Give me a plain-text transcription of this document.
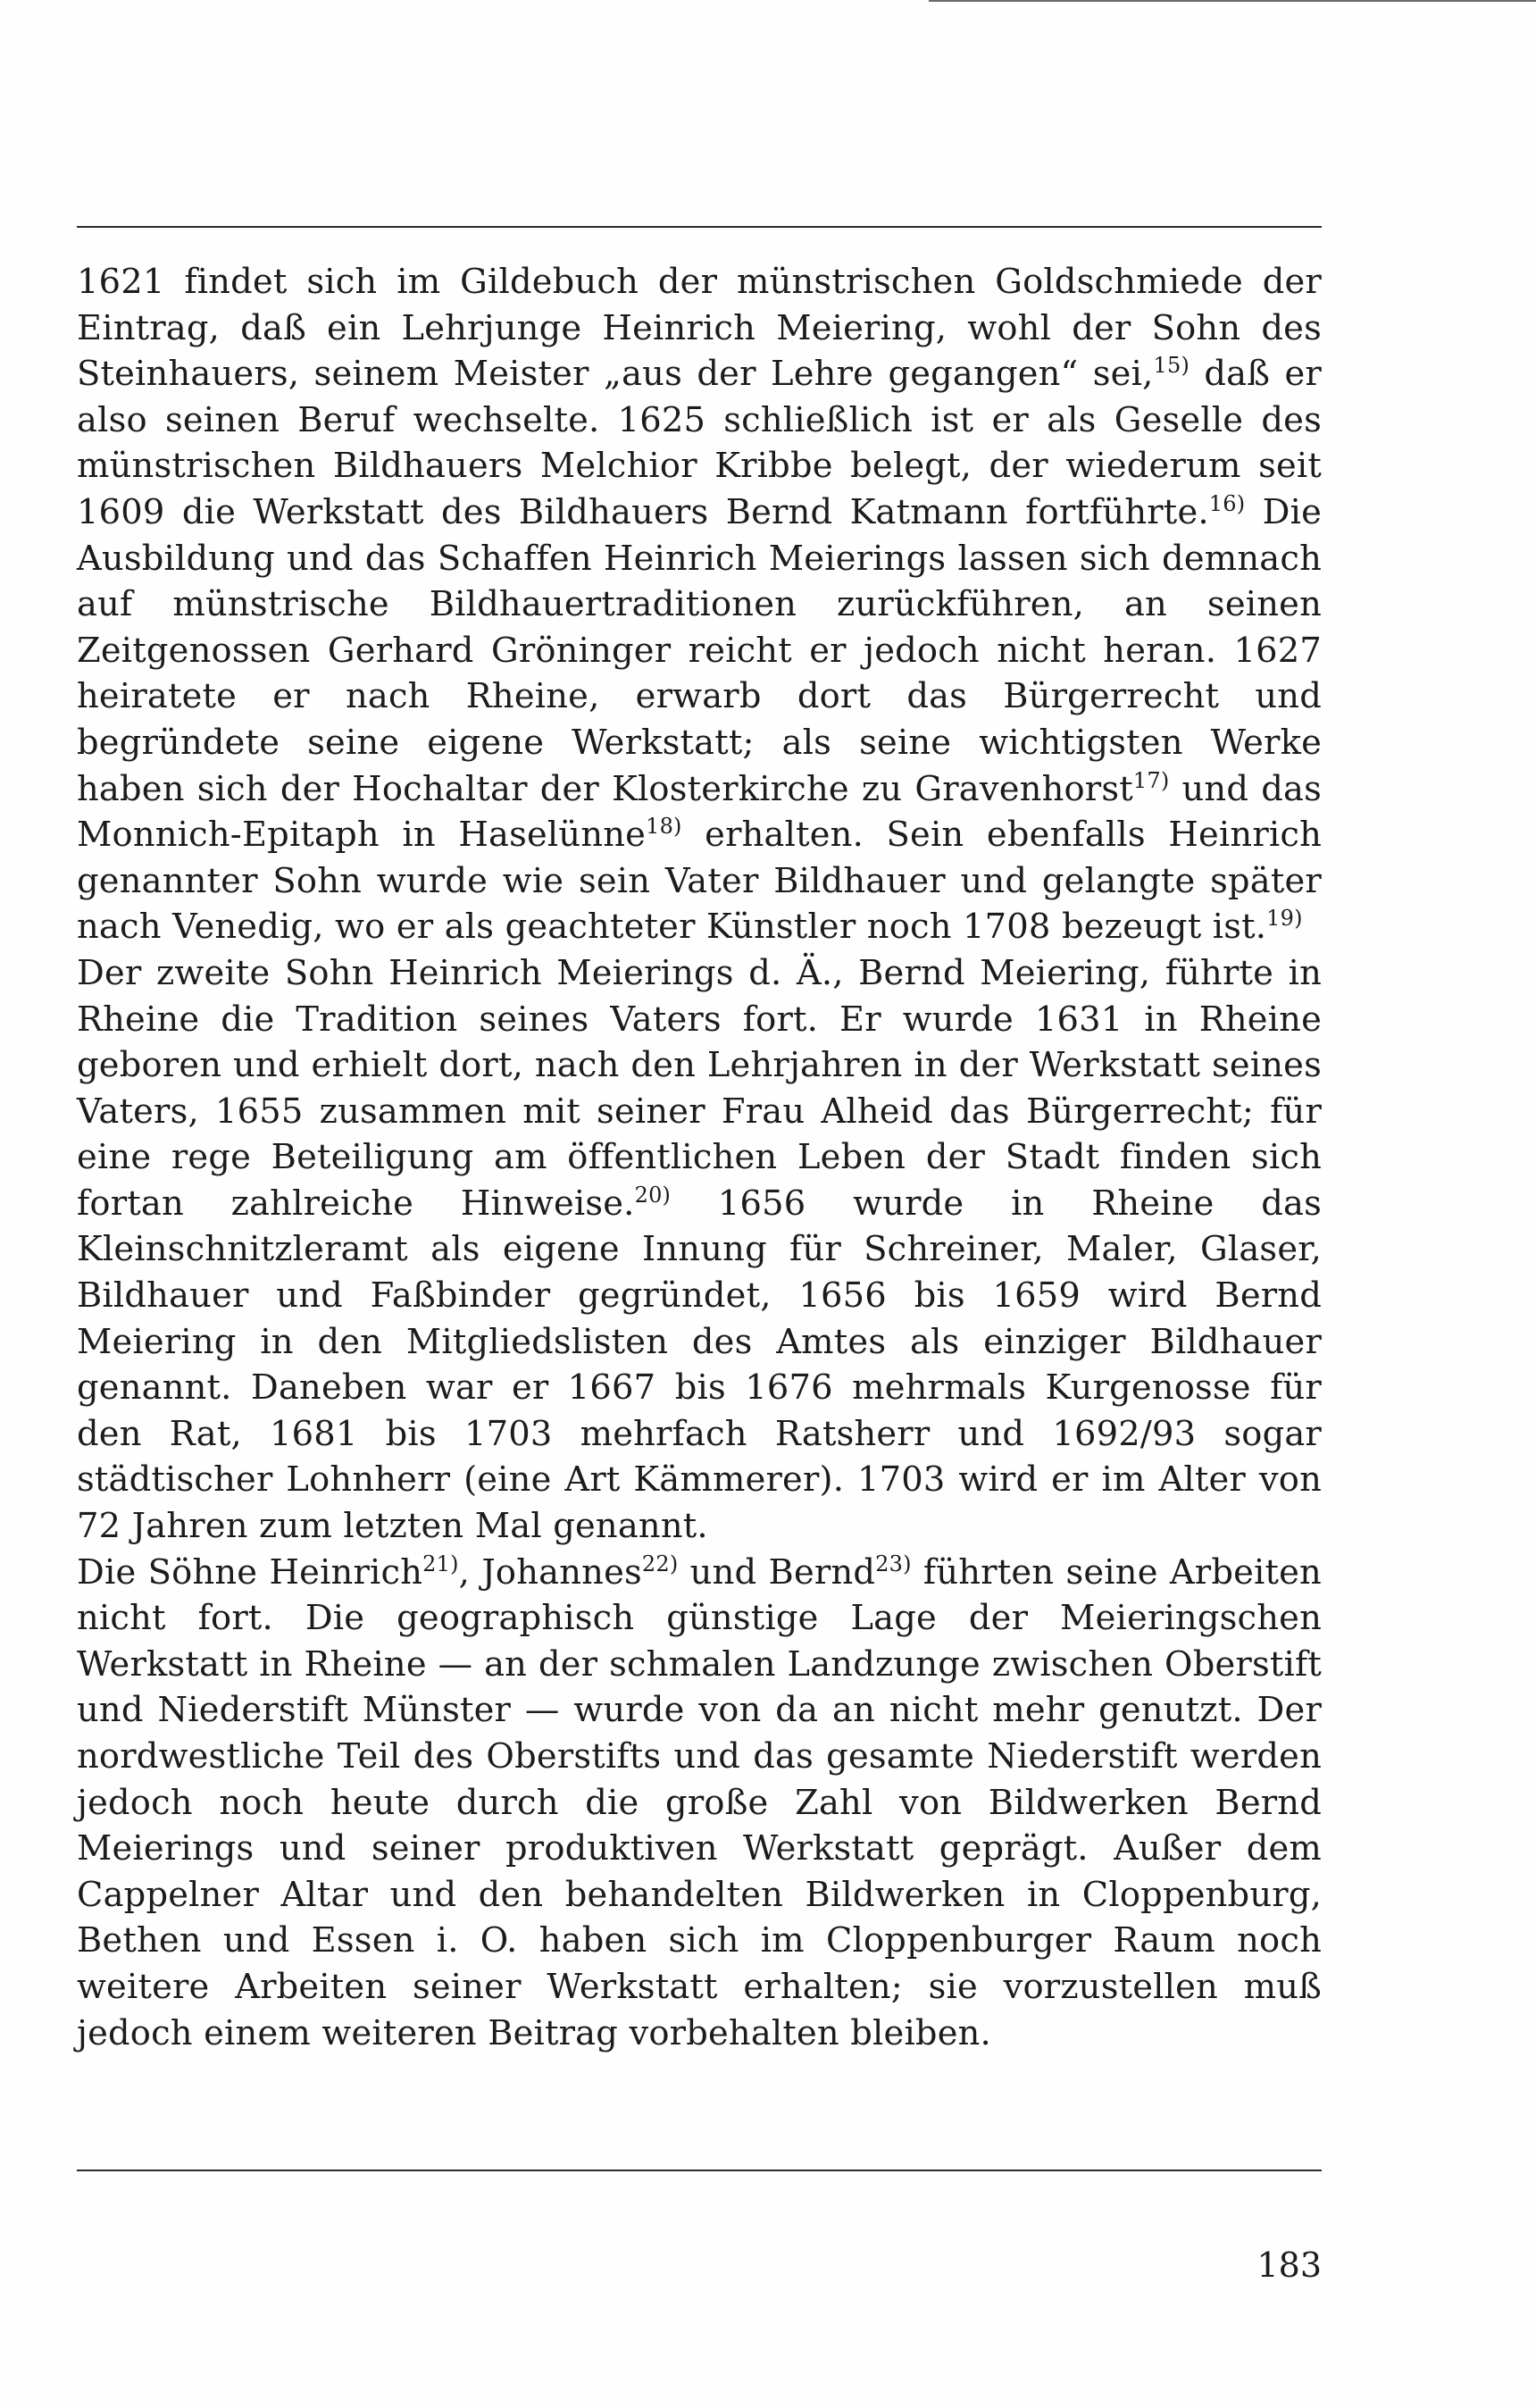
1621 findet sich im Gildebuch der münstrischen Goldschmiede der Eintrag, daß ein Lehrjunge Heinrich Meiering, wohl der Sohn des Steinhauers, seinem Meister „aus der Lehre gegangen“ sei,$^{15)}$ daß er also seinen Beruf wechselte. 1625 schließlich ist er als Geselle des münstrischen Bildhauers Melchior Kribbe belegt, der wiederum seit 1609 die Werkstatt des Bildhauers Bernd Katmann fortführte.$^{16)}$ Die Ausbildung und das Schaffen Heinrich Meierings lassen sich demnach auf münstrische Bildhauertraditionen zurückführen, an seinen Zeitgenossen Gerhard Gröninger reicht er jedoch nicht heran. 1627 heiratete er nach Rheine, erwarb dort das Bürgerrecht und begründete seine eigene Werkstatt; als seine wichtigsten Werke haben sich der Hochaltar der Klosterkirche zu Gravenhorst$^{17)}$ und das Monnich-Epitaph in Haselünne$^{18)}$ erhalten. Sein ebenfalls Heinrich genannter Sohn wurde wie sein Vater Bildhauer und gelangte später nach Venedig, wo er als geachteter Künstler noch 1708 bezeugt ist.$^{19)}$

Der zweite Sohn Heinrich Meierings d. Ä., Bernd Meiering, führte in Rheine die Tradition seines Vaters fort. Er wurde 1631 in Rheine geboren und erhielt dort, nach den Lehrjahren in der Werkstatt seines Vaters, 1655 zusammen mit seiner Frau Alheid das Bürgerrecht; für eine rege Beteiligung am öffentlichen Leben der Stadt finden sich fortan zahlreiche Hinweise.$^{20)}$ 1656 wurde in Rheine das Kleinschnitzleramt als eigene Innung für Schreiner, Maler, Glaser, Bildhauer und Faßbinder gegründet, 1656 bis 1659 wird Bernd Meiering in den Mitgliedslisten des Amtes als einziger Bildhauer genannt. Daneben war er 1667 bis 1676 mehrmals Kurgenosse für den Rat, 1681 bis 1703 mehrfach Ratsherr und 1692/93 sogar städtischer Lohnherr (eine Art Kämmerer). 1703 wird er im Alter von 72 Jahren zum letzten Mal genannt.

Die Söhne Heinrich$^{21)}$, Johannes$^{22)}$ und Bernd$^{23)}$ führten seine Arbeiten nicht fort. Die geographisch günstige Lage der Meieringschen Werkstatt in Rheine — an der schmalen Landzunge zwischen Oberstift und Niederstift Münster — wurde von da an nicht mehr genutzt. Der nordwestliche Teil des Oberstifts und das gesamte Niederstift werden jedoch noch heute durch die große Zahl von Bildwerken Bernd Meierings und seiner produktiven Werkstatt geprägt. Außer dem Cappelner Altar und den behandelten Bildwerken in Cloppenburg, Bethen und Essen i. O. haben sich im Cloppenburger Raum noch weitere Arbeiten seiner Werkstatt erhalten; sie vorzustellen muß jedoch einem weiteren Beitrag vorbehalten bleiben.

183
